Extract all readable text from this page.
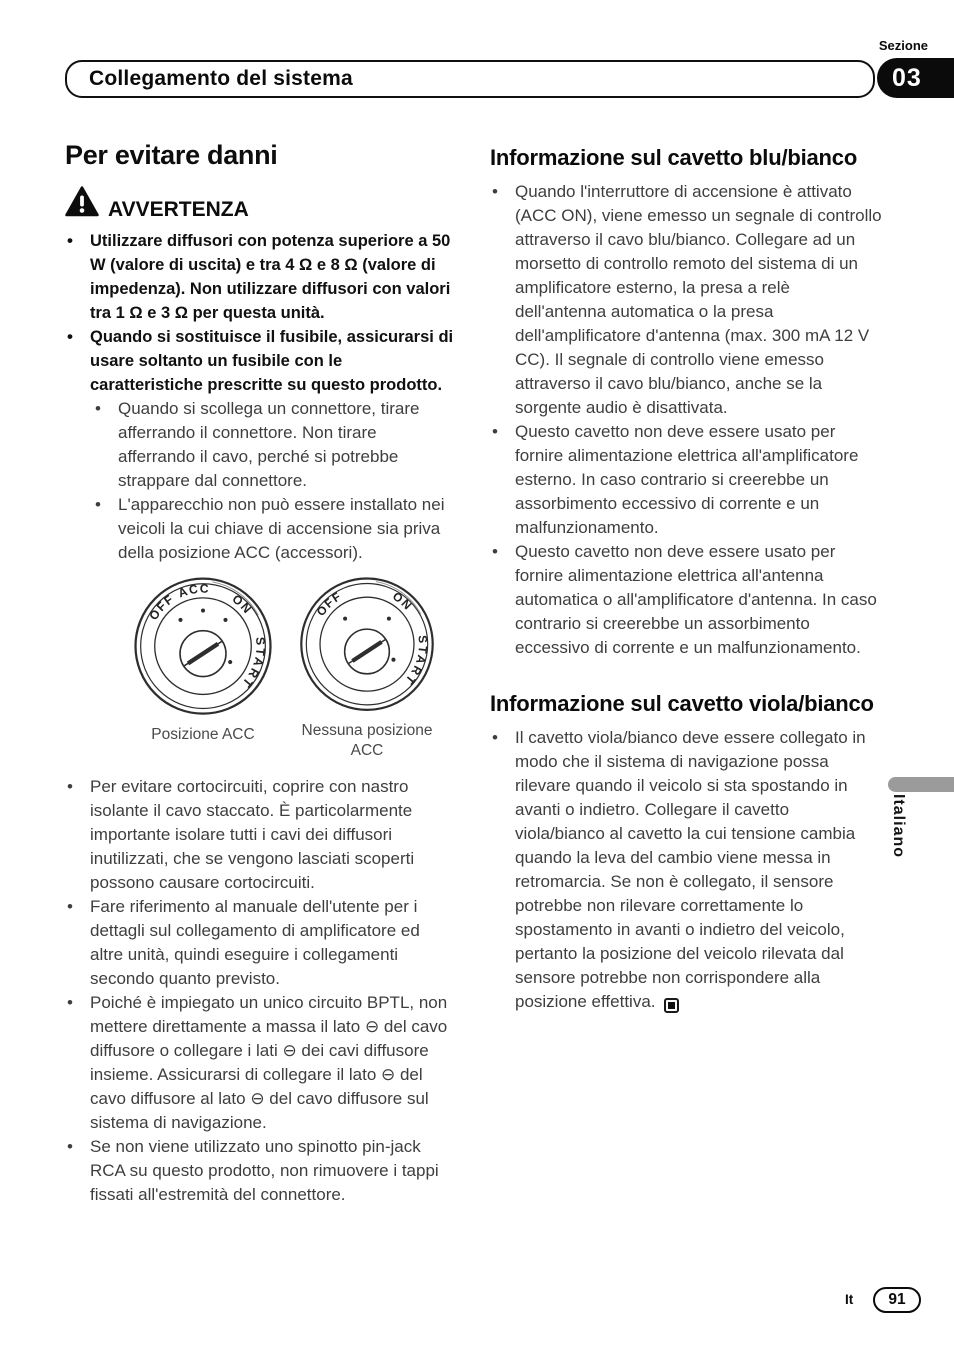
Sezione
Collegamento del sistema	03
Per evitare danni
AVVERTENZA
• Utilizzare diffusori con potenza superiore a 50 W (valore di uscita) e tra 4 Ω e 8 Ω (valore di impedenza). Non utilizzare diffusori con valori tra 1 Ω e 3 Ω per questa unità.
• Quando si sostituisce il fusibile, assicurarsi di usare soltanto un fusibile con le caratteristiche prescritte su questo prodotto.
• Quando si scollega un connettore, tirare afferrando il connettore. Non tirare afferrando il cavo, perché si potrebbe strappare dal connettore.
• L'apparecchio non può essere installato nei veicoli la cui chiave di accensione sia priva della posizione ACC (accessori).
OFF ACC
ON
START
Posizione ACC
OFF	ON
START
Nessuna posizione ACC
• Per evitare cortocircuiti, coprire con nastro isolante il cavo staccato. È particolarmente importante isolare tutti i cavi dei diffusori inutilizzati, che se vengono lasciati scoperti possono causare cortocircuiti.
• Fare riferimento al manuale dell'utente per i dettagli sul collegamento di amplificatore ed altre unità, quindi eseguire i collegamenti secondo quanto previsto.
• Poiché è impiegato un unico circuito BPTL, non mettere direttamente a massa il lato ⊖ del cavo diffusore o collegare i lati ⊖ dei cavi diffusore insieme. Assicurarsi di collegare il lato ⊖ del cavo diffusore al lato ⊖ del cavo diffusore sul sistema di navigazione.
• Se non viene utilizzato uno spinotto pin-jack RCA su questo prodotto, non rimuovere i tappi fissati all'estremità del connettore.
Informazione sul cavetto blu/bianco
• Quando l'interruttore di accensione è attivato (ACC ON), viene emesso un segnale di controllo attraverso il cavo blu/bianco. Collegare ad un morsetto di controllo remoto del sistema di un amplificatore esterno, la presa a relè dell'antenna automatica o la presa dell'amplificatore d'antenna (max. 300 mA 12 V CC). Il segnale di controllo viene emesso attraverso il cavo blu/bianco, anche se la sorgente audio è disattivata.
• Questo cavetto non deve essere usato per fornire alimentazione elettrica all'amplificatore esterno. In caso contrario si creerebbe un assorbimento eccessivo di corrente e un malfunzionamento.
• Questo cavetto non deve essere usato per fornire alimentazione elettrica all'antenna automatica o all'amplificatore d'antenna. In caso contrario si creerebbe un assorbimento eccessivo di corrente e un malfunzionamento.
Informazione sul cavetto viola/bianco
• Il cavetto viola/bianco deve essere collegato in modo che il sistema di navigazione possa rilevare quando il veicolo si sta spostando in avanti o indietro. Collegare il cavetto viola/bianco al cavetto la cui tensione cambia quando la leva del cambio viene messa in retromarcia. Se non è collegato, il sensore potrebbe non rilevare correttamente lo spostamento in avanti o indietro del veicolo, pertanto la posizione del veicolo rilevata dal sensore potrebbe non corrispondere alla posizione effettiva.
Italiano
It 91
